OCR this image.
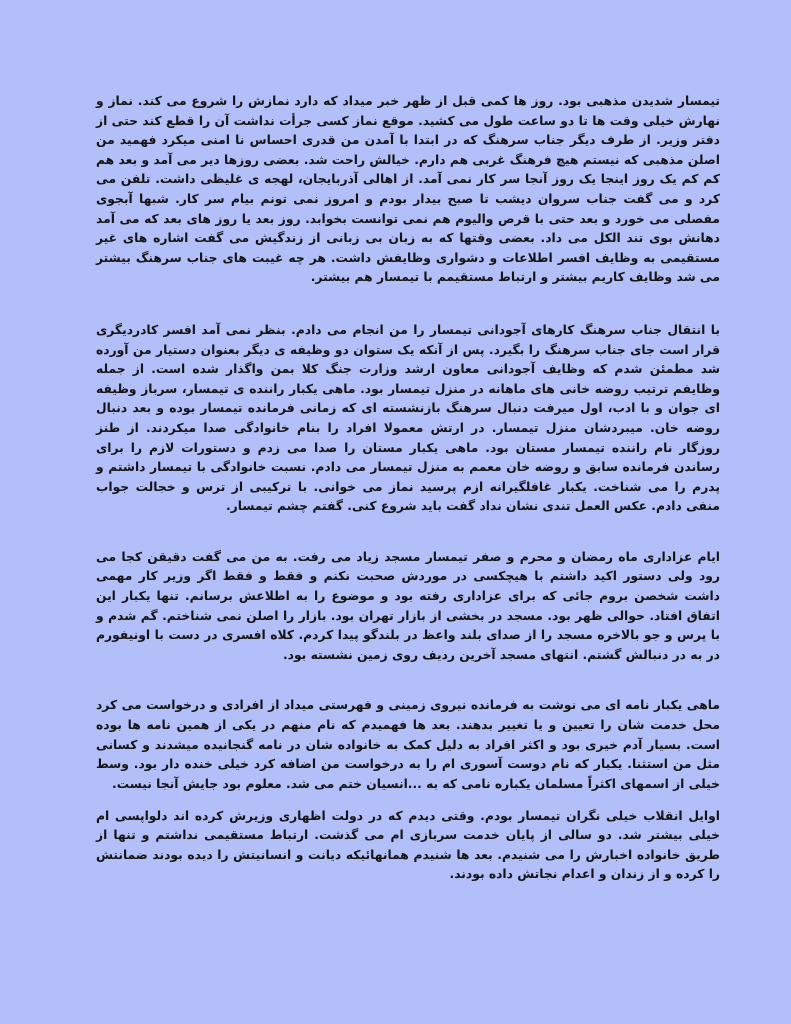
تیمسار شدیدن مذهبی بود. روز ها کمی قبل از ظهر خبر میداد که دارد نمازش را شروع می کند. نماز و نهارش خیلی وقت ها تا دو ساعت طول می کشید. موقع نماز کسی جرأت نداشت آن را قطع کند حتی از دفتر وزیر. از طرف دیگر جناب سرهنگ که در ابتدا با آمدن من قدری احساس نا امنی میکرد فهمید من اصلن مذهبی که نیستم هیچ فرهنگ غربی هم دارم. خیالش راحت شد. بعضی روزها دیر می آمد و بعد هم کم کم یک روز اینجا یک روز آنجا سر کار نمی آمد. از اهالی آذربایجان، لهجه ی غلیظی داشت. تلفن می کرد و می گفت جناب سروان دیشب تا صبح بیدار بودم و امروز نمی تونم بیام سر کار. شبها آبجوی مفصلی می خورد و بعد حتی با قرص والیوم هم نمی توانست بخوابد. روز بعد یا روز های بعد که می آمد دهانش بوی تند الکل می داد. بعضی وقتها که به زبان بی زبانی از زندگیش می گفت اشاره های غیر مستقیمی به وظایف افسر اطلاعات و دشواری وظایفش داشت. هر چه غیبت های جناب سرهنگ بیشتر می شد وظایف کاریم بیشتر و ارتباط مستقیمم با تیمسار هم بیشتر.

با انتقال جناب سرهنگ کارهای آجودانی تیمسار را من انجام می دادم. بنظر نمی آمد افسر کادردیگری قرار است جای جناب سرهنگ را بگیرد. پس از آنکه یک ستوان دو وظیفه ی دیگر بعنوان دستیار من آورده شد مطمئن شدم که وظایف آجودانی معاون ارشد وزارت جنگ کلا بمن واگذار شده است. از جمله وظایفم ترتیب روضه خانی های ماهانه در منزل تیمسار بود. ماهی یکبار راننده ی تیمسار، سرباز وظیفه ای جوان و با ادب، اول میرفت دنبال سرهنگ بازنشسته ای که زمانی فرمانده تیمسار بوده و بعد دنبال روضه خان. میبردشان منزل تیمسار. در ارتش معمولا افراد را بنام خانوادگی صدا میکردند. از طنز روزگار نام راننده تیمسار مستان بود. ماهی یکبار مستان را صدا می زدم و دستورات لازم را برای رساندن فرمانده سابق و روضه خان معمم به منزل تیمسار می دادم. نسبت خانوادگی با تیمسار داشتم و پدرم را می شناخت. یکبار غافلگیرانه ازم پرسید نماز می خوانی. با ترکیبی از ترس و خجالت جواب منفی دادم. عکس العمل تندی نشان نداد گفت باید شروع کنی. گفتم چشم تیمسار.

ایام عزاداری ماه رمضان و محرم و صفر تیمسار مسجد زیاد می رفت. به من می گفت دقیقن کجا می رود ولی دستور اکید داشتم با هیچکسی در موردش صحبت نکنم و فقط و فقط اگر وزیر کار مهمی داشت شخصن بروم جائی که برای عزاداری رفته بود و موضوع را به اطلاعش برسانم. تنها یکبار این اتفاق افتاد. حوالی ظهر بود. مسجد در بخشی از بازار تهران بود. بازار را اصلن نمی شناختم. گم شدم و با پرس و جو بالاخره مسجد را از صدای بلند واعظ در بلندگو پیدا کردم. کلاه افسری در دست با اونیفورم در به در دنبالش گشتم. انتهای مسجد آخرین ردیف روی زمین نشسته بود.

ماهی یکبار نامه ای می نوشت به فرمانده نیروی زمینی و فهرستی میداد از افرادی و درخواست می کرد محل خدمت شان را تعیین و یا تغییر بدهند. بعد ها فهمیدم که نام منهم در یکی از همین نامه ها بوده است. بسیار آدم خیری بود و اکثر افراد به دلیل کمک به خانواده شان در نامه گنجانیده میشدند و کسانی مثل من استثنا. یکبار که نام دوست آسوری ام را به درخواست من اضافه کرد خیلی خنده دار بود. وسط خیلی از اسمهای اکثراً مسلمان یکباره نامی که به ...انسیان ختم می شد. معلوم بود جایش آنجا نیست.

اوایل انقلاب خیلی نگران تیمسار بودم. وقتی دیدم که در دولت اظهاری وزیرش کرده اند دلواپسی ام خیلی بیشتر شد. دو سالی از پایان خدمت سربازی ام می گذشت. ارتباط مستقیمی نداشتم و تنها از طریق خانواده اخبارش را می شنیدم. بعد ها شنیدم همانهائیکه دیانت و انسانیتش را دیده بودند ضمانتش را کرده و از زندان و اعدام نجاتش داده بودند.
